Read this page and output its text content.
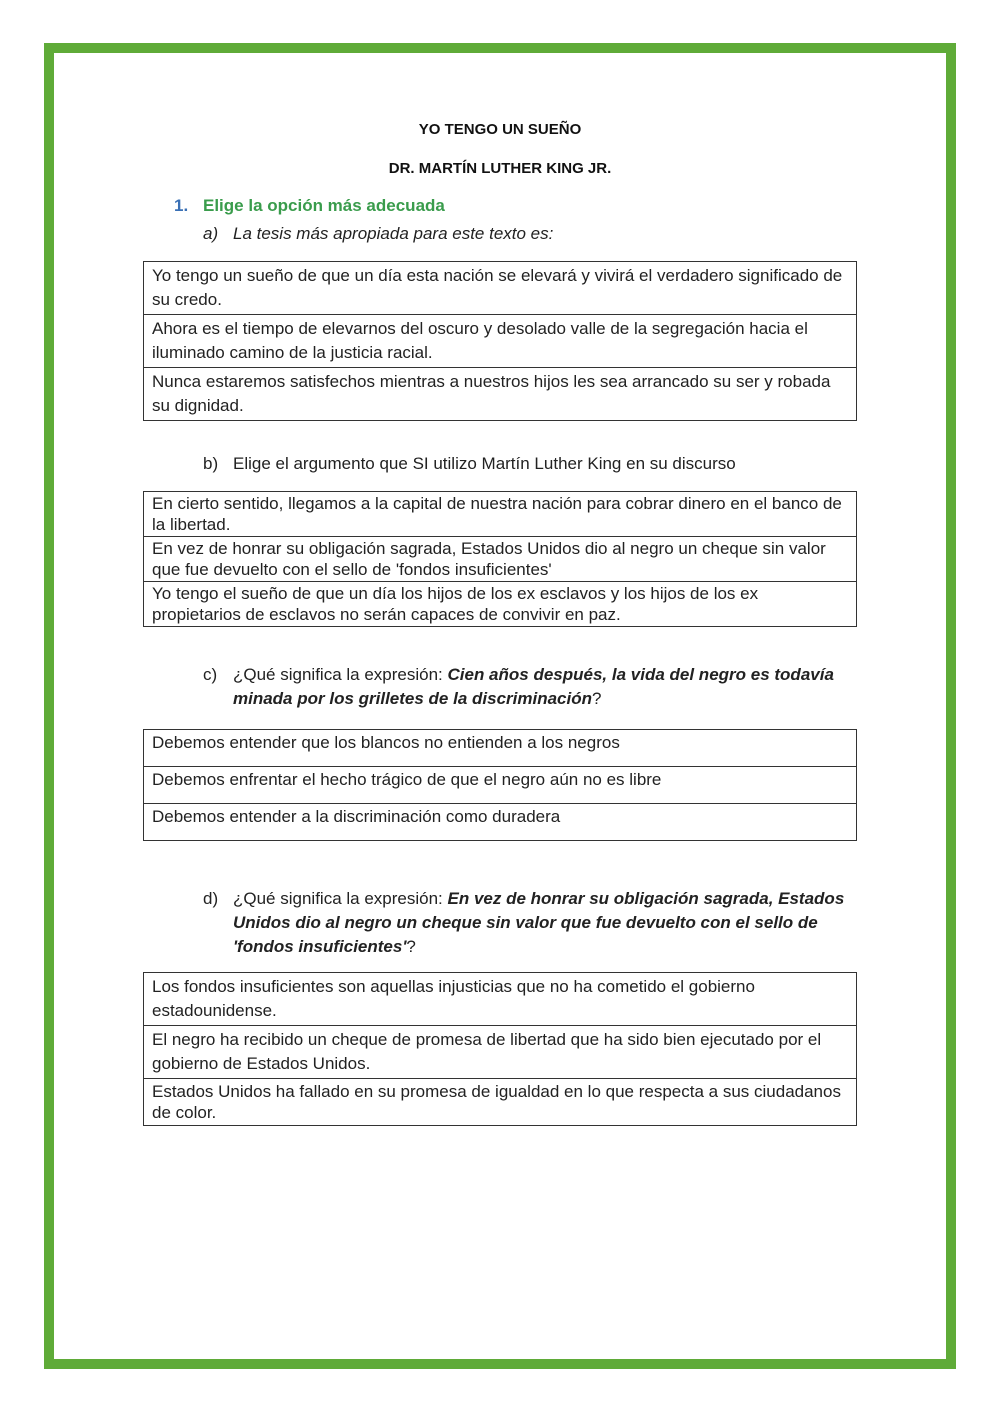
YO TENGO UN SUEÑO
DR. MARTÍN LUTHER KING JR.
1. Elige la opción más adecuada
a) La tesis más apropiada para este texto es:
Yo tengo un sueño de que un día esta nación se elevará y vivirá el verdadero significado de su credo.
Ahora es el tiempo de elevarnos del oscuro y desolado valle de la segregación hacia el iluminado camino de la justicia racial.
Nunca estaremos satisfechos mientras a nuestros hijos les sea arrancado su ser y robada su dignidad.
b) Elige el argumento que SI utilizo Martín Luther King en su discurso
En cierto sentido, llegamos a la capital de nuestra nación para cobrar dinero en el banco de la libertad.
En vez de honrar su obligación sagrada, Estados Unidos dio al negro un cheque sin valor que fue devuelto con el sello de 'fondos insuficientes'
Yo tengo el sueño de que un día los hijos de los ex esclavos y los hijos de los ex propietarios de esclavos no serán capaces de convivir en paz.
c) ¿Qué significa la expresión: Cien años después, la vida del negro es todavía minada por los grilletes de la discriminación?
Debemos entender que los blancos no entienden a los negros
Debemos enfrentar el hecho trágico de que el negro aún no es libre
Debemos entender a la discriminación como duradera
d) ¿Qué significa la expresión: En vez de honrar su obligación sagrada, Estados Unidos dio al negro un cheque sin valor que fue devuelto con el sello de 'fondos insuficientes'?
Los fondos insuficientes son aquellas injusticias que no ha cometido el gobierno estadounidense.
El negro ha recibido un cheque de promesa de libertad que ha sido bien ejecutado por el gobierno de Estados Unidos.
Estados Unidos ha fallado en su promesa de igualdad en lo que respecta a sus ciudadanos de color.
